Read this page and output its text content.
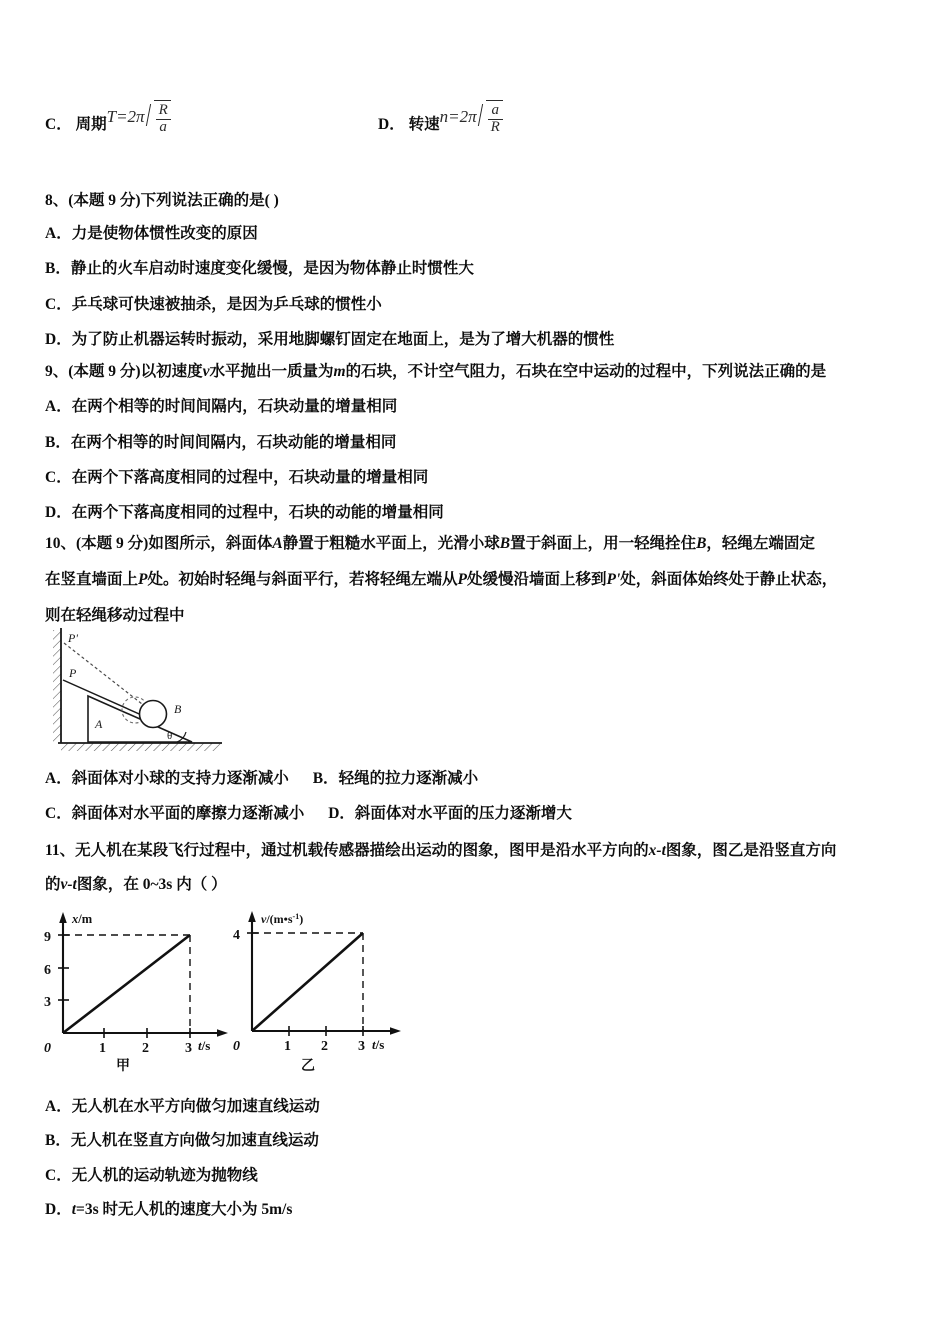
C． 周期$T=2\pi \frac{R}{a}$	D． 转速$n=2\pi \frac{a}{R}$
8、(本题 9 分)下列说法正确的是( )
A．力是使物体惯性改变的原因
B．静止的火车启动时速度变化缓慢，是因为物体静止时惯性大
C．乒乓球可快速被抽杀，是因为乒乓球的惯性小
D．为了防止机器运转时振动，采用地脚螺钉固定在地面上，是为了增大机器的惯性
9、(本题 9 分)以初速度v水平抛出一质量为m的石块，不计空气阻力，石块在空中运动的过程中，下列说法正确的是
A．在两个相等的时间间隔内，石块动量的增量相同
B．在两个相等的时间间隔内，石块动能的增量相同
C．在两个下落高度相同的过程中，石块动量的增量相同
D．在两个下落高度相同的过程中，石块的动能的增量相同
10、(本题 9 分)如图所示，斜面体A静置于粗糙水平面上，光滑小球B置于斜面上，用一轻绳拴住B，轻绳左端固定
在竖直墙面上P处。初始时轻绳与斜面平行，若将轻绳左端从P处缓慢沿墙面上移到P'处，斜面体始终处于静止状态，
则在轻绳移动过程中
P'
P
B
A
θ
A．斜面体对小球的支持力逐渐减小 B．轻绳的拉力逐渐减小
C．斜面体对水平面的摩擦力逐渐减小 D．斜面体对水平面的压力逐渐增大
11、无人机在某段飞行过程中，通过机载传感器描绘出运动的图象，图甲是沿水平方向的x-t图象，图乙是沿竖直方向
的v-t图象，在 0~3s 内（ ）
x/m
t/s
9
6
3
0	1	2	3
甲
$v/(m•s^{-1})$
t/s
4
0	1 2 3
乙
A．无人机在水平方向做匀加速直线运动
B．无人机在竖直方向做匀加速直线运动
C．无人机的运动轨迹为抛物线
D．t=3s 时无人机的速度大小为 5m/s
